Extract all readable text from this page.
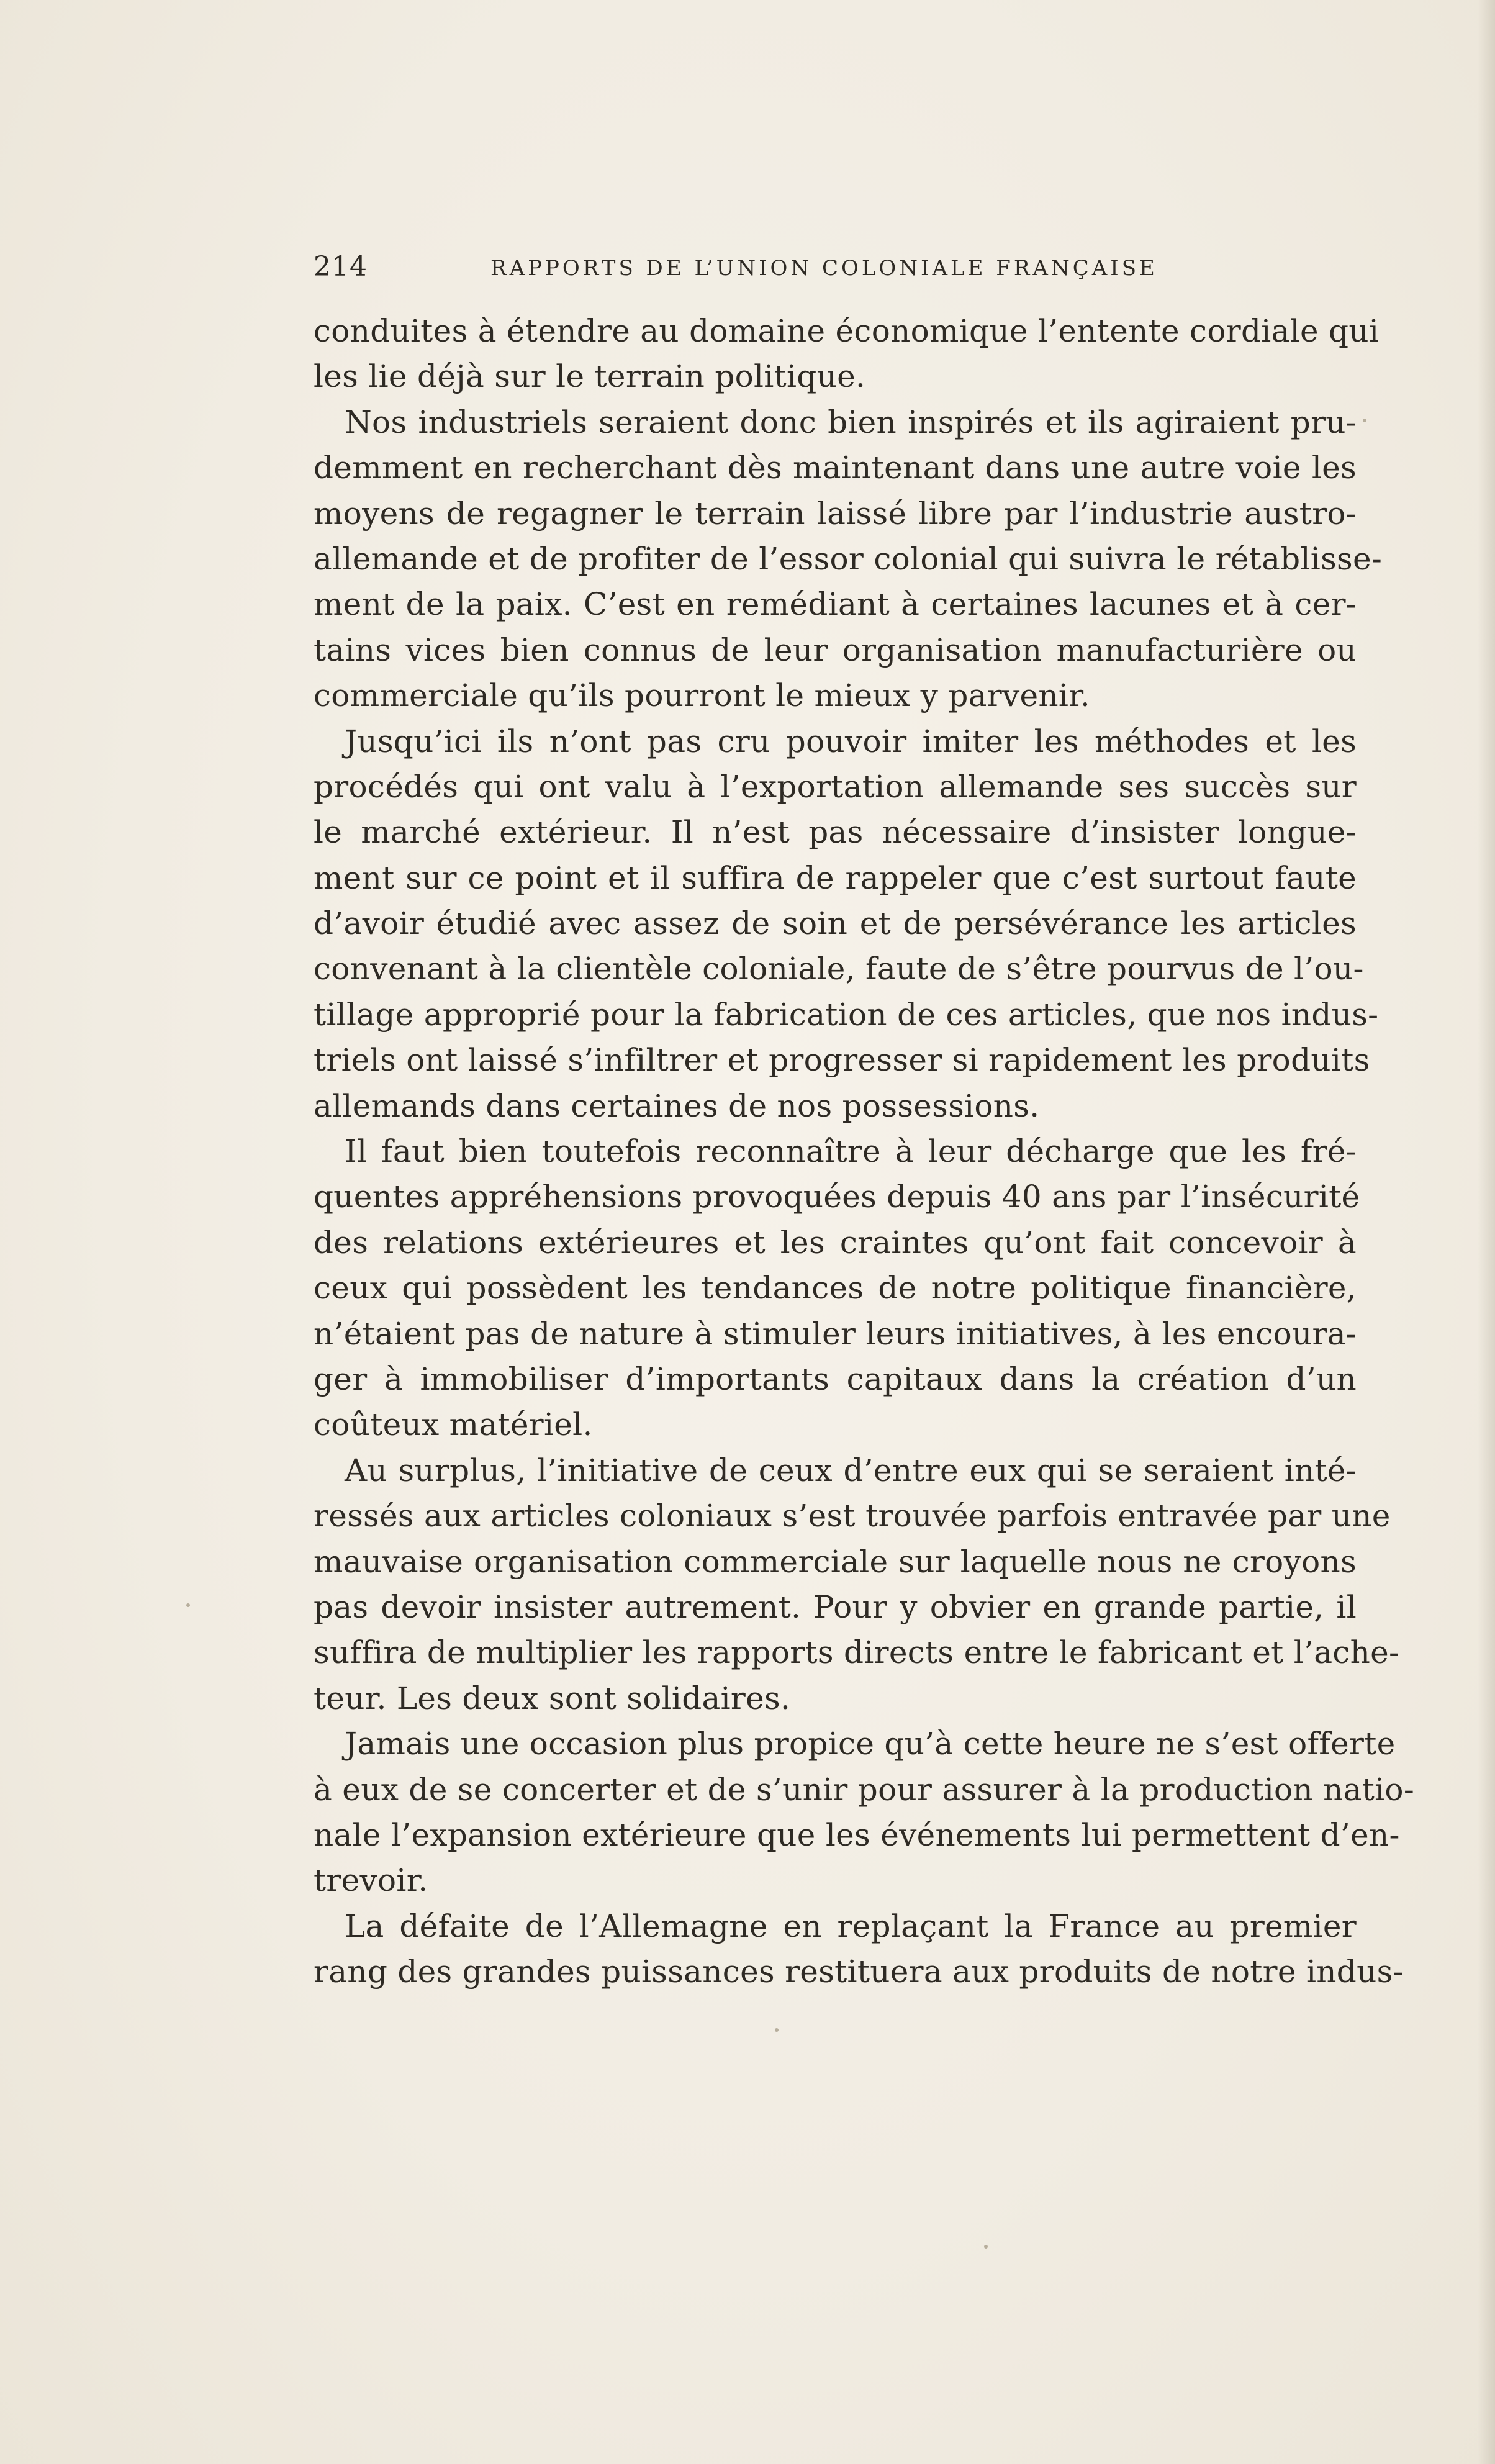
214	RAPPORTS DE L’UNION COLONIALE FRANÇAISE
conduites à étendre au domaine économique l’entente cordiale qui
les lie déjà sur le terrain politique.
Nos industriels seraient donc bien inspirés et ils agiraient pru-
demment en recherchant dès maintenant dans une autre voie les
moyens de regagner le terrain laissé libre par l’industrie austro-
allemande et de profiter de l’essor colonial qui suivra le rétablisse-
ment de la paix. C’est en remédiant à certaines lacunes et à cer-
tains vices bien connus de leur organisation manufacturière ou
commerciale qu’ils pourront le mieux y parvenir.
Jusqu’ici ils n’ont pas cru pouvoir imiter les méthodes et les
procédés qui ont valu à l’exportation allemande ses succès sur
le marché extérieur. Il n’est pas nécessaire d’insister longue-
ment sur ce point et il suffira de rappeler que c’est surtout faute
d’avoir étudié avec assez de soin et de persévérance les articles
convenant à la clientèle coloniale, faute de s’être pourvus de l’ou-
tillage approprié pour la fabrication de ces articles, que nos indus-
triels ont laissé s’infiltrer et progresser si rapidement les produits
allemands dans certaines de nos possessions.
Il faut bien toutefois reconnaître à leur décharge que les fré-
quentes appréhensions provoquées depuis 40 ans par l’insécurité
des relations extérieures et les craintes qu’ont fait concevoir à
ceux qui possèdent les tendances de notre politique financière,
n’étaient pas de nature à stimuler leurs initiatives, à les encoura-
ger à immobiliser d’importants capitaux dans la création d’un
coûteux matériel.
Au surplus, l’initiative de ceux d’entre eux qui se seraient inté-
ressés aux articles coloniaux s’est trouvée parfois entravée par une
mauvaise organisation commerciale sur laquelle nous ne croyons
pas devoir insister autrement. Pour y obvier en grande partie, il
suffira de multiplier les rapports directs entre le fabricant et l’ache-
teur. Les deux sont solidaires.
Jamais une occasion plus propice qu’à cette heure ne s’est offerte
à eux de se concerter et de s’unir pour assurer à la production natio-
nale l’expansion extérieure que les événements lui permettent d’en-
trevoir.
La défaite de l’Allemagne en replaçant la France au premier
rang des grandes puissances restituera aux produits de notre indus-
